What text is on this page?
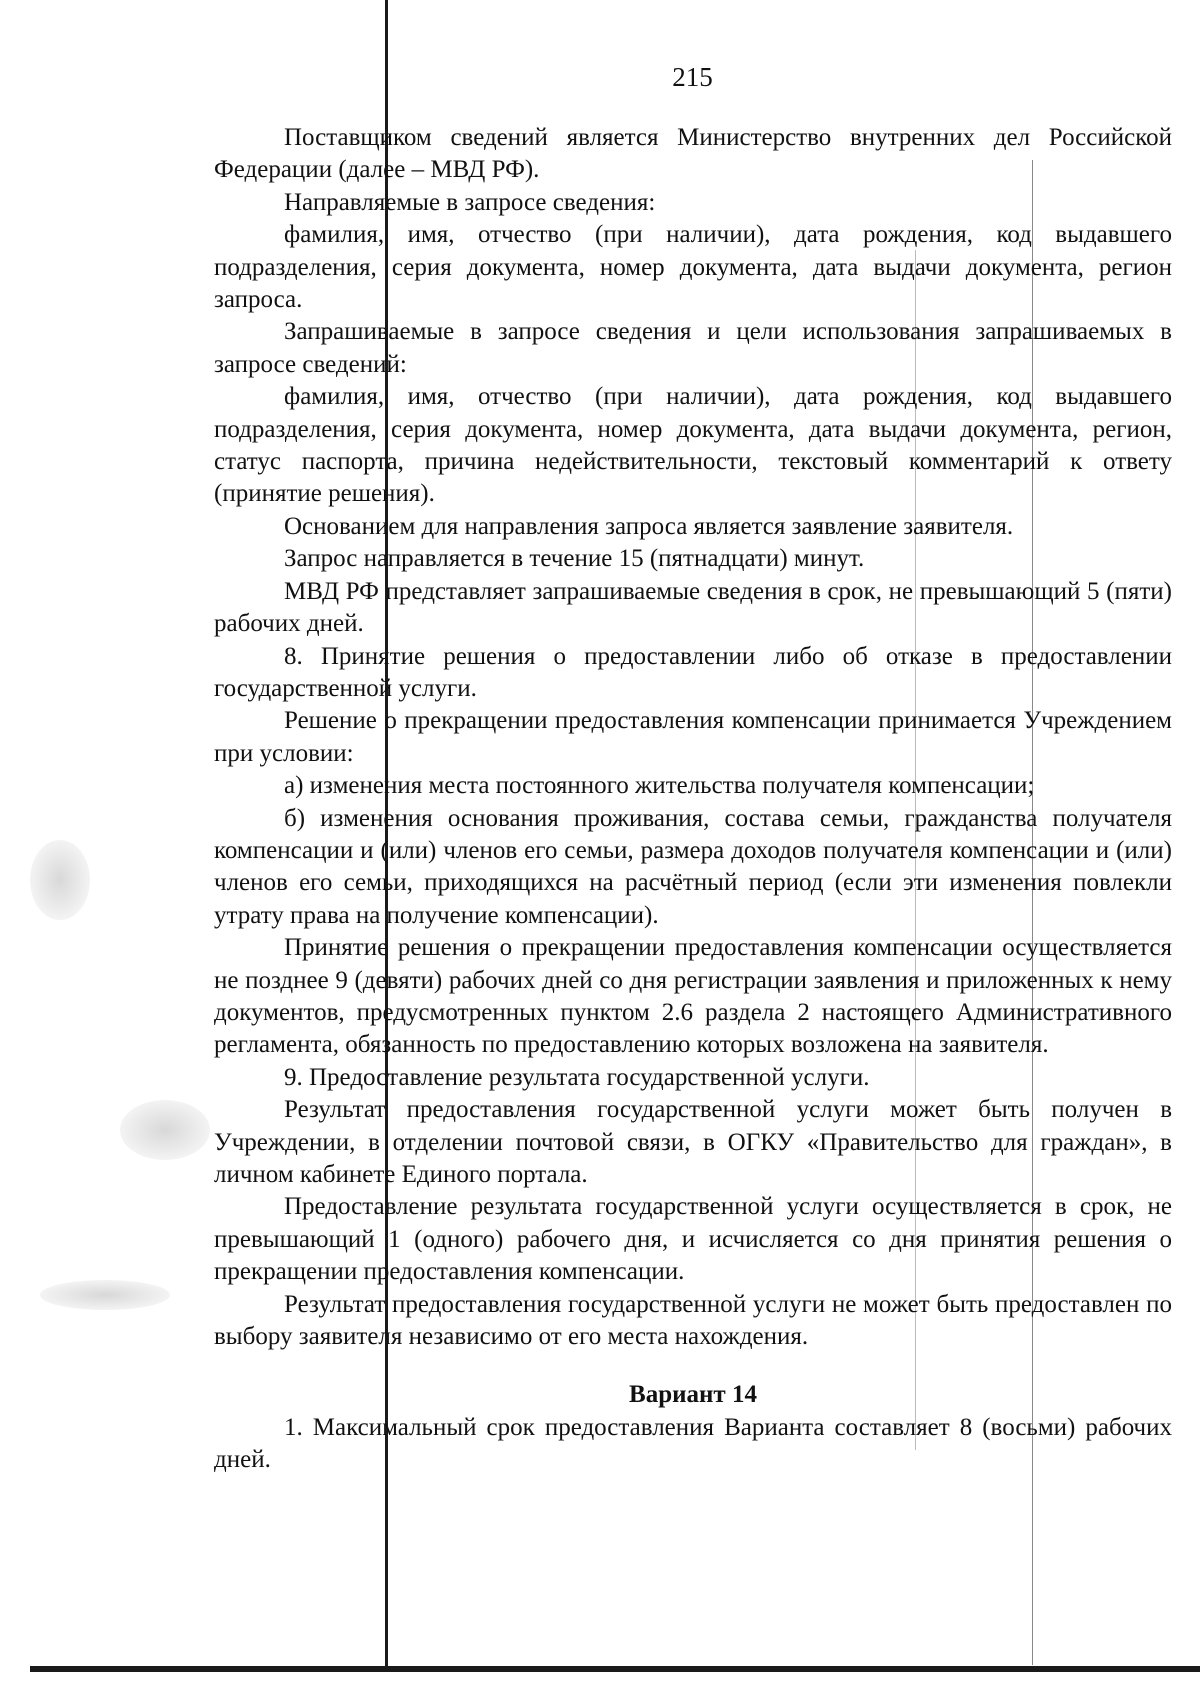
215

Поставщиком сведений является Министерство внутренних дел Российской Федерации (далее – МВД РФ).

Направляемые в запросе сведения:

фамилия, имя, отчество (при наличии), дата рождения, код выдавшего подразделения, серия документа, номер документа, дата выдачи документа, регион запроса.

Запрашиваемые в запросе сведения и цели использования запрашиваемых в запросе сведений:

фамилия, имя, отчество (при наличии), дата рождения, код выдавшего подразделения, серия документа, номер документа, дата выдачи документа, регион, статус паспорта, причина недействительности, текстовый комментарий к ответу (принятие решения).

Основанием для направления запроса является заявление заявителя.

Запрос направляется в течение 15 (пятнадцати) минут.

МВД РФ представляет запрашиваемые сведения в срок, не превышающий 5 (пяти) рабочих дней.

8. Принятие решения о предоставлении либо об отказе в предоставлении государственной услуги.

Решение о прекращении предоставления компенсации принимается Учреждением при условии:

а) изменения места постоянного жительства получателя компенсации;

б) изменения основания проживания, состава семьи, гражданства получателя компенсации и (или) членов его семьи, размера доходов получателя компенсации и (или) членов его семьи, приходящихся на расчётный период (если эти изменения повлекли утрату права на получение компенсации).

Принятие решения о прекращении предоставления компенсации осуществляется не позднее 9 (девяти) рабочих дней со дня регистрации заявления и приложенных к нему документов, предусмотренных пунктом 2.6 раздела 2 настоящего Административного регламента, обязанность по предоставлению которых возложена на заявителя.

9. Предоставление результата государственной услуги.

Результат предоставления государственной услуги может быть получен в Учреждении, в отделении почтовой связи, в ОГКУ «Правительство для граждан», в личном кабинете Единого портала.

Предоставление результата государственной услуги осуществляется в срок, не превышающий 1 (одного) рабочего дня, и исчисляется со дня принятия решения о прекращении предоставления компенсации.

Результат предоставления государственной услуги не может быть предоставлен по выбору заявителя независимо от его места нахождения.

Вариант 14

1. Максимальный срок предоставления Варианта составляет 8 (восьми) рабочих дней.
